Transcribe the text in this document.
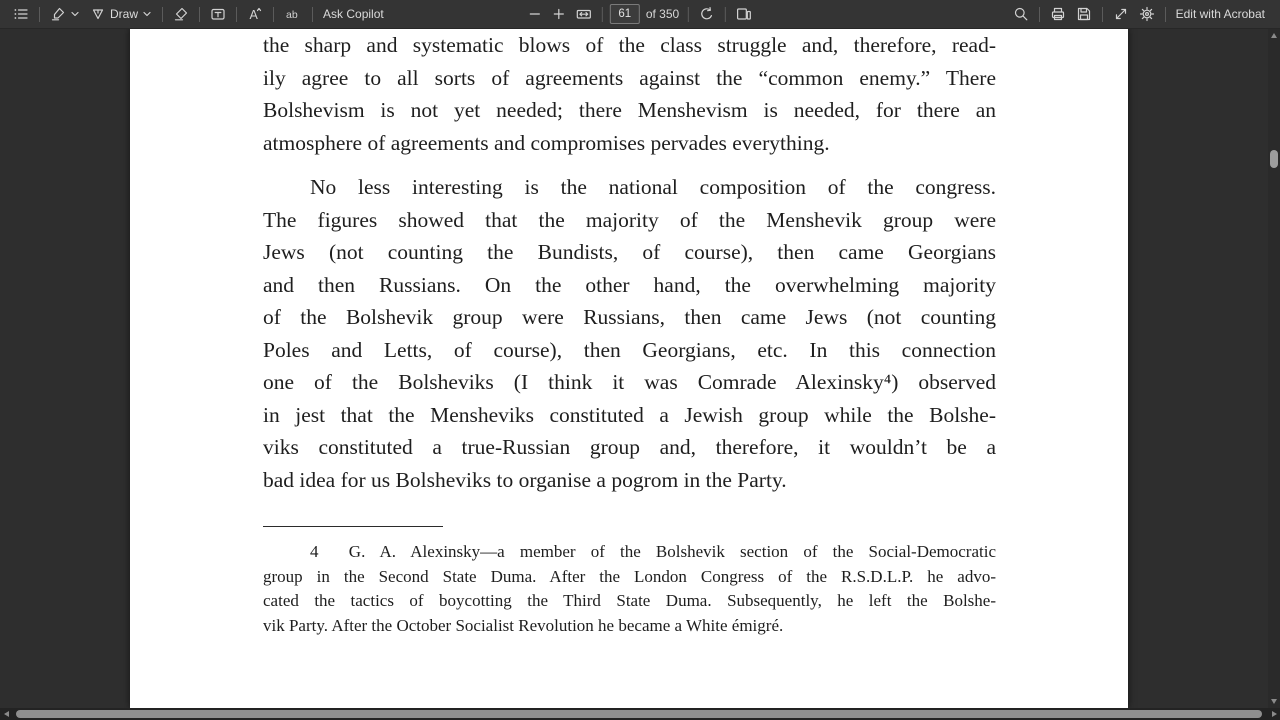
Draw	A	ab Ask Copilot
61	of 350	Edit with Acrobat
the sharp and systematic blows of the class struggle and, therefore, read-
ily agree to all sorts of agreements against the “common enemy.” There
Bolshevism is not yet needed; there Menshevism is needed, for there an
atmosphere of agreements and compromises pervades everything.
No less interesting is the national composition of the congress.
The figures showed that the majority of the Menshevik group were
Jews (not counting the Bundists, of course), then came Georgians
and then Russians. On the other hand, the overwhelming majority
of the Bolshevik group were Russians, then came Jews (not counting
Poles and Letts, of course), then Georgians, etc. In this connection
one of the Bolsheviks (I think it was Comrade Alexinsky⁴) observed
in jest that the Mensheviks constituted a Jewish group while the Bolshe-
viks constituted a true-Russian group and, therefore, it wouldn’t be a
bad idea for us Bolsheviks to organise a pogrom in the Party.
4  G. A. Alexinsky—a member of the Bolshevik section of the Social-Democratic
group in the Second State Duma. After the London Congress of the R.S.D.L.P. he advo-
cated the tactics of boycotting the Third State Duma. Subsequently, he left the Bolshe-
vik Party. After the October Socialist Revolution he became a White émigré.
